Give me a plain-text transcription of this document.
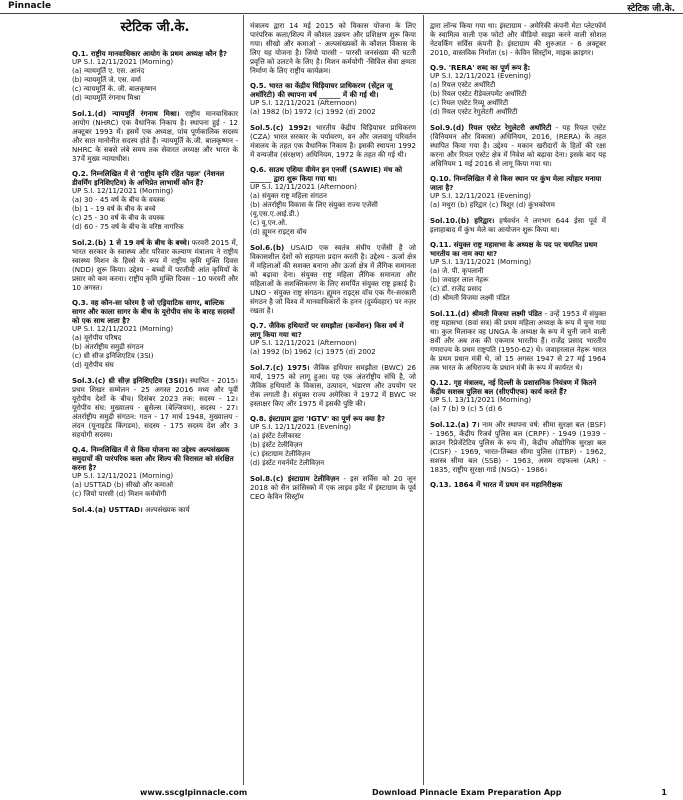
Pinnacle	स्टेटिक जी.के.
स्टेटिक जी.के.
Q.1. राष्ट्रीय मानवाधिकार आयोग के प्रथम अध्यक्ष कौन है?
UP S.I. 12/11/2021 (Morning)
(a) न्यायमूर्ति ए. एस. आनंद
(b) न्यायमूर्ति जे. एस. वर्मा
(c) न्यायमूर्ति के. जी. बालकृष्णन
(d) न्यायमूर्ति रंगनाथ मिश्रा
Sol.1.(d) न्यायमूर्ति रंगनाथ मिश्रा। राष्ट्रीय मानवाधिकार आयोग (NHRC) एक वैधानिक निकाय है। स्थापना हुई - 12 अक्टूबर 1993 में। इसमें एक अध्यक्ष, पांच पूर्णकालिक सदस्य और सात मानोनीत सदस्य होते हैं। न्यायमूर्ति के.जी. बालकृष्णन - NHRC के सबसे लंबे समय तक सेवारत अध्यक्ष और भारत के 37वें मुख्य न्यायाधीश।
Q.2. निम्नलिखित में से 'राष्ट्रीय कृमि रहित पहल' (नेशनल डीवर्मिंग इनिशिएटिव) के अभिप्रेत लाभार्थी कौन हैं?
UP S.I. 12/11/2021 (Morning)
(a) 30 - 45 वर्ष के बीच के वयस्क
(b) 1 - 19 वर्ष के बीच के बच्चे
(c) 25 - 30 वर्ष के बीच के वयस्क
(d) 60 - 75 वर्ष के बीच के वरिष्ठ नागरिक
Sol.2.(b) 1 से 19 वर्ष के बीच के बच्चे। फरवरी 2015 में, भारत सरकार के स्वास्थ्य और परिवार कल्याण मंत्रालय ने राष्ट्रीय स्वास्थ्य मिशन के हिस्से के रूप में राष्ट्रीय कृमि मुक्ति दिवस (NDD) शुरू किया। उद्देश्य - बच्चों में परजीवी आंत कृमियों के प्रसार को कम करना। राष्ट्रीय कृमि मुक्ति दिवस - 10 फरवरी और 10 अगस्त।
Q.3. वह कौन-सा फोरम है जो एड्रियाटिक सागर, बाल्टिक सागर और काला सागर के बीच के यूरोपीय संघ के बारह सदस्यों को एक साथ लाता है?
UP S.I. 12/11/2021 (Morning)
(a) यूरोपीय परिषद
(b) अंतर्राष्ट्रीय समुद्री संगठन
(c) थ्री सीज इनिशिएटिव (3SI)
(d) यूरोपीय संघ
Sol.3.(c) थ्री सीज़ इनिशिएटिव (3SI)। स्थापित - 2015। प्रथम शिखर सम्मेलन - 25 अगस्त 2016 मध्य और पूर्वी यूरोपीय देशों के बीच। दिसंबर 2023 तक: सदस्य - 12। यूरोपीय संघ: मुख्यालय - ब्रुसेल्स (बेल्जियम), सदस्य - 27। अंतर्राष्ट्रीय समुद्री संगठन: गठन - 17 मार्च 1948, मुख्यालय - लंदन (यूनाइटेड किंगडम), सदस्य - 175 सदस्य देश और 3 सहयोगी सदस्य।
Q.4. निम्नलिखित में से किस योजना का उद्देश्य अल्पसंख्यक समुदायों की पारंपरिक कला और शिल्प की विरासत को संरक्षित करना है?
UP S.I. 12/11/2021 (Morning)
(a) USTTAD (b) सीखो और कमाओ
(c) जियो पारसी (d) मिशन कर्मयोगी
Sol.4.(a) USTTAD। अल्पसंख्यक कार्य
मंत्रालय द्वारा 14 मई 2015 को विकास योजना के लिए पारंपरिक कला/शिल्प में कौशल उन्नयन और प्रशिक्षण शुरू किया गया। सीखो और कमाओ - अल्पसंख्यकों के कौशल विकास के लिए यह योजना है। जियो पारसी - पारसी जनसंख्या की घटती प्रवृत्ति को उलटने के लिए है। मिशन कर्मयोगी -सिविल सेवा क्षमता निर्माण के लिए राष्ट्रीय कार्यक्रम।
Q.5. भारत का केंद्रीय चिड़ियाघर प्राधिकरण (सेंट्रल जू अथॉरिटी) की स्थापना वर्ष ______ में की गई थी।
UP S.I. 12/11/2021 (Afternoon)
(a) 1982 (b) 1972 (c) 1992 (d) 2002
Sol.5.(c) 1992। भारतीय केंद्रीय चिड़ियाघर प्राधिकरण (CZA) भारत सरकार के पर्यावरण, वन और जलवायु परिवर्तन मंत्रालय के तहत एक वैधानिक निकाय है। इसकी स्थापना 1992 में वन्यजीव (संरक्षण) अधिनियम, 1972 के तहत की गई थी।
Q.6. साउथ एशिया वीमेन इन एनर्जी (SAWIE) मंच को ______ द्वारा शुरू किया गया था।
UP S.I. 12/11/2021 (Afternoon)
(a) संयुक्त राष्ट्र महिला संगठन
(b) अंतर्राष्ट्रीय विकास के लिए संयुक्त राज्य एजेंसी (यू.एस.ए.आई.डी.)
(c) यू.एन.ओ.
(d) ह्यूमन राइट्स वॉच
Sol.6.(b) USAID एक स्वतंत्र संघीय एजेंसी है जो विकासशील देशों को सहायता प्रदान करती है। उद्देश्य - ऊर्जा क्षेत्र में महिलाओं की सशक्त बनाना और ऊर्जा क्षेत्र में लैंगिक समानता को बढ़ावा देना। संयुक्त राष्ट्र महिला लैंगिक समानता और महिलाओं के सशक्तिकरण के लिए समर्पित संयुक्त राष्ट्र इकाई है। UNO - संयुक्त राष्ट्र संगठन। ह्यूमन राइट्स वॉच एक गैर-सरकारी संगठन है जो विश्व में मानवाधिकारों के हनन (दुर्व्यवहार) पर नज़र रखता है।
Q.7. जैविक हथियारों पर समझौता (कन्वेंशन) किस वर्ष में लागू किया गया था?
UP S.I. 12/11/2021 (Afternoon)
(a) 1992 (b) 1962 (c) 1975 (d) 2002
Sol.7.(c) 1975। जैविक हथियार समझौता (BWC) 26 मार्च, 1975 को लागू हुआ। यह एक अंतर्राष्ट्रीय संधि है, जो जैविक हथियारों के विकास, उत्पादन, भंडारण और उपयोग पर रोक लगाती है। संयुक्त राज्य अमेरिका ने 1972 में BWC पर हस्ताक्षर किए और 1975 में इसकी पुष्टि की।
Q.8. इंस्टाग्राम द्वारा 'IGTV' का पूर्ण रूप क्या है?
UP S.I. 12/11/2021 (Evening)
(a) इंस्टेंट टेलीकास्ट
(b) इंस्टेंट टेलीविज़न
(c) इंस्टाग्राम टेलीविज़न
(d) इंस्टेंट गवर्नमेंट टेलीविज़न
Sol.8.(c) इंस्टाग्राम टेलीविज़न - इस सर्विस को 20 जून 2018 को सैन फ्रांसिस्को में एक लाइव इवेंट में इंस्टाग्राम के पूर्व CEO केविन सिस्ट्रॉम
द्वारा लॉन्च किया गया था। इंस्टाग्राम - अमेरिकी कंपनी मेटा प्लेटफॉर्म के स्वामित्व वाली एक फोटो और वीडियो साझा करने वाली सोशल नेटवर्किंग सर्विस कंपनी है। इंस्टाग्राम की शुरुआत - 6 अक्टूबर 2010, वास्तविक निर्माता (s) - केविन सिस्ट्रॉम, माइक क्राइगर।
Q.9. 'RERA' शब्द का पूर्ण रूप है:
UP S.I. 12/11/2021 (Evening)
(a) रियल एस्टेट अथॉरिटी
(b) रियल एस्टेट रीडेवलपमेंट अथॉरिटी
(c) रियल एस्टेट रिव्यू अथॉरिटी
(d) रियल एस्टेट रेगुलेटरी अथॉरिटी
Sol.9.(d) रियल एस्टेट रेगुलेटरी अथॉरिटी - यह रियल एस्टेट (विनियमन और विकास) अधिनियम, 2016, (RERA) के तहत स्थापित किया गया है। उद्देश्य - मकान खरीदारों के हितों की रक्षा करना और रियल एस्टेट क्षेत्र में निवेश को बढ़ावा देना। इसके बाद यह अधिनियम 1 मई 2016 से लागू किया गया था।
Q.10. निम्नलिखित में से किस स्थान पर कुंभ मेला त्योहार मनाया जाता है?
UP S.I. 12/11/2021 (Evening)
(a) मथुरा (b) हरिद्वार (c) त्रिशूर (d) कुंभकोणम
Sol.10.(b) हरिद्वार। हर्षवर्धन ने लगभग 644 ईसा पूर्व में इलाहाबाद में कुंभ मेले का आयोजन शुरू किया था।
Q.11. संयुक्त राष्ट्र महासभा के अध्यक्ष के पद पर चयनित प्रथम भारतीय का नाम क्या था?
UP S.I. 13/11/2021 (Morning)
(a) जे. पी. कृपलानी
(b) जवाहर लाल नेहरू
(c) डॉ. राजेंद्र प्रसाद
(d) श्रीमती विजया लक्ष्मी पंडित
Sol.11.(d) श्रीमती विजया लक्ष्मी पंडित - उन्हें 1953 में संयुक्त राष्ट्र महासभा (8वां सत्र) की प्रथम महिला अध्यक्ष के रूप में चुना गया था। कुल मिलाकर वह UNGA के अध्यक्ष के रूप में चुनी जाने वाली 8वीं और अब तक की एकमात्र भारतीय हैं। राजेंद्र प्रसाद भारतीय गणराज्य के प्रथम राष्ट्रपति (1950-62) थे। जवाहरलाल नेहरू भारत के प्रथम प्रधान मंत्री थे, जो 15 अगस्त 1947 से 27 मई 1964 तक भारत के अधिराज्य के प्रधान मंत्री के रूप में कार्यरत थे।
Q.12. गृह मंत्रालय, नई दिल्ली के प्रशासनिक नियंत्रण में कितने केंद्रीय सशस्त्र पुलिस बल (सीएपीएफ) कार्य करते हैं?
UP S.I. 13/11/2021 (Morning)
(a) 7 (b) 9 (c) 5 (d) 6
Sol.12.(a) 7। नाम और स्थापना वर्ष: सीमा सुरक्षा बल (BSF) - 1965, केंद्रीय रिजर्व पुलिस बल (CRPF) - 1949 (1939 - क्राउन रिप्रेजेंटेटिव पुलिस के रूप में), केंद्रीय औद्योगिक सुरक्षा बल (CISF) - 1969, भारत-तिब्बत सीमा पुलिस (ITBP) - 1962, सशस्त्र सीमा बल (SSB) - 1963, असम राइफल्स (AR) - 1835, राष्ट्रीय सुरक्षा गार्ड (NSG) - 1986।
Q.13. 1864 में भारत में प्रथम वन महानिरीक्षक
www.sscglpinnacle.com	Download Pinnacle Exam Preparation App	1
